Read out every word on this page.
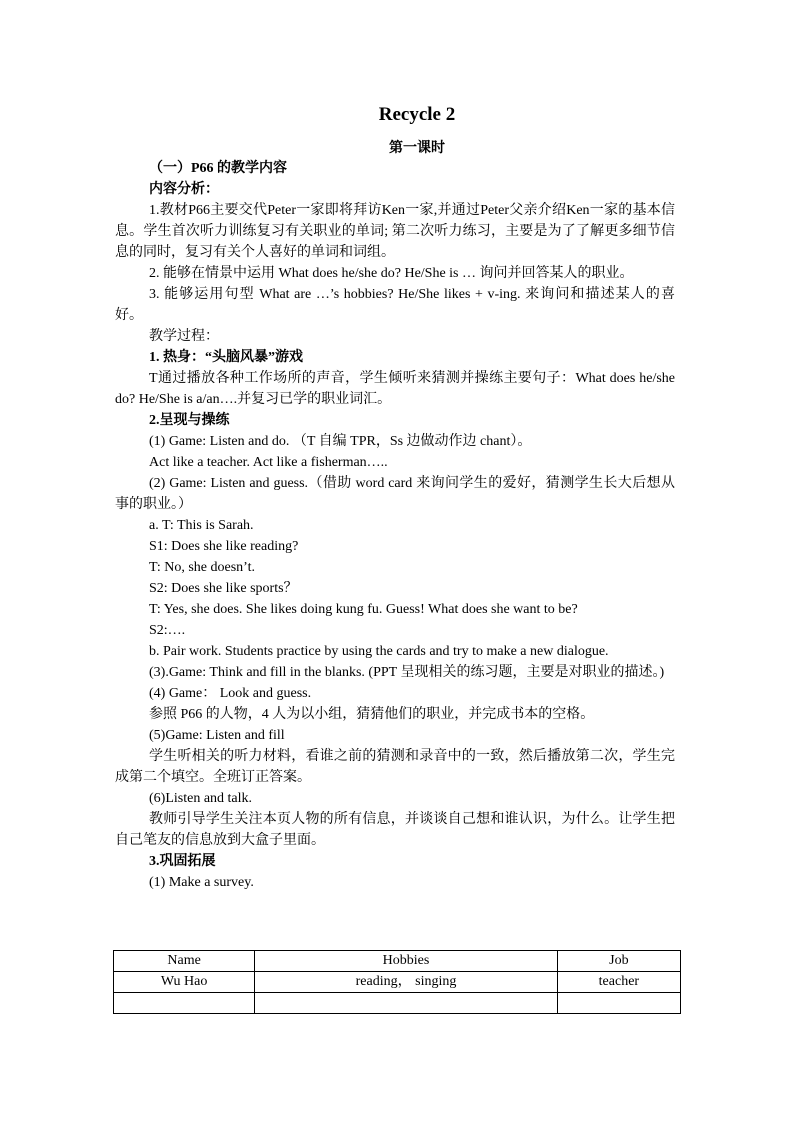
Recycle 2
第一课时

（一）P66 的教学内容

内容分析：

1.教材P66主要交代Peter一家即将拜访Ken一家,并通过Peter父亲介绍Ken一家的基本信息。学生首次听力训练复习有关职业的单词; 第二次听力练习，主要是为了了解更多细节信息的同时，复习有关个人喜好的单词和词组。

2. 能够在情景中运用 What does he/she do? He/She is … 询问并回答某人的职业。

3. 能够运用句型 What are …’s hobbies? He/She likes + v-ing. 来询问和描述某人的喜好。

教学过程：

1. 热身：“头脑风暴”游戏

T通过播放各种工作场所的声音，学生倾听来猜测并操练主要句子：What does he/she do? He/She is a/an….并复习已学的职业词汇。

2.呈现与操练

(1) Game: Listen and do. （T 自编 TPR，Ss 边做动作边 chant）。

Act like a teacher. Act like a fisherman…..

(2) Game: Listen and guess.（借助 word card 来询问学生的爱好，猜测学生长大后想从事的职业。）

a. T: This is Sarah.

S1: Does she like reading?

T: No, she doesn’t.

S2: Does she like sports？

T: Yes, she does. She likes doing kung fu. Guess! What does she want to be?

S2:….

b. Pair work. Students practice by using the cards and try to make a new dialogue.

(3).Game: Think and fill in the blanks. (PPT 呈现相关的练习题，主要是对职业的描述。)

(4) Game： Look and guess.

参照 P66 的人物，4 人为以小组，猜猜他们的职业，并完成书本的空格。

(5)Game: Listen and fill

学生听相关的听力材料，看谁之前的猜测和录音中的一致，然后播放第二次，学生完成第二个填空。全班订正答案。

(6)Listen and talk.

教师引导学生关注本页人物的所有信息，并谈谈自己想和谁认识，为什么。让学生把自己笔友的信息放到大盒子里面。

3.巩固拓展

(1) Make a survey.

Name	Hobbies	Job
Wu Hao	reading， singing	teacher
